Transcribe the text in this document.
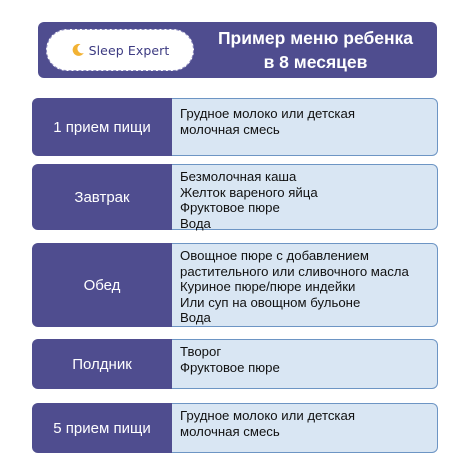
Sleep Expert
Пример меню ребенка
в 8 месяцев
1 прием пищи
Грудное молоко или детская
молочная смесь
Завтрак
Безмолочная каша
Желток вареного яйца
Фруктовое пюре
Вода
Обед
Овощное пюре с добавлением
растительного или сливочного масла
Куриное пюре/пюре индейки
Или суп на овощном бульоне
Вода
Полдник
Творог
Фруктовое пюре
5 прием пищи
Грудное молоко или детская
молочная смесь
